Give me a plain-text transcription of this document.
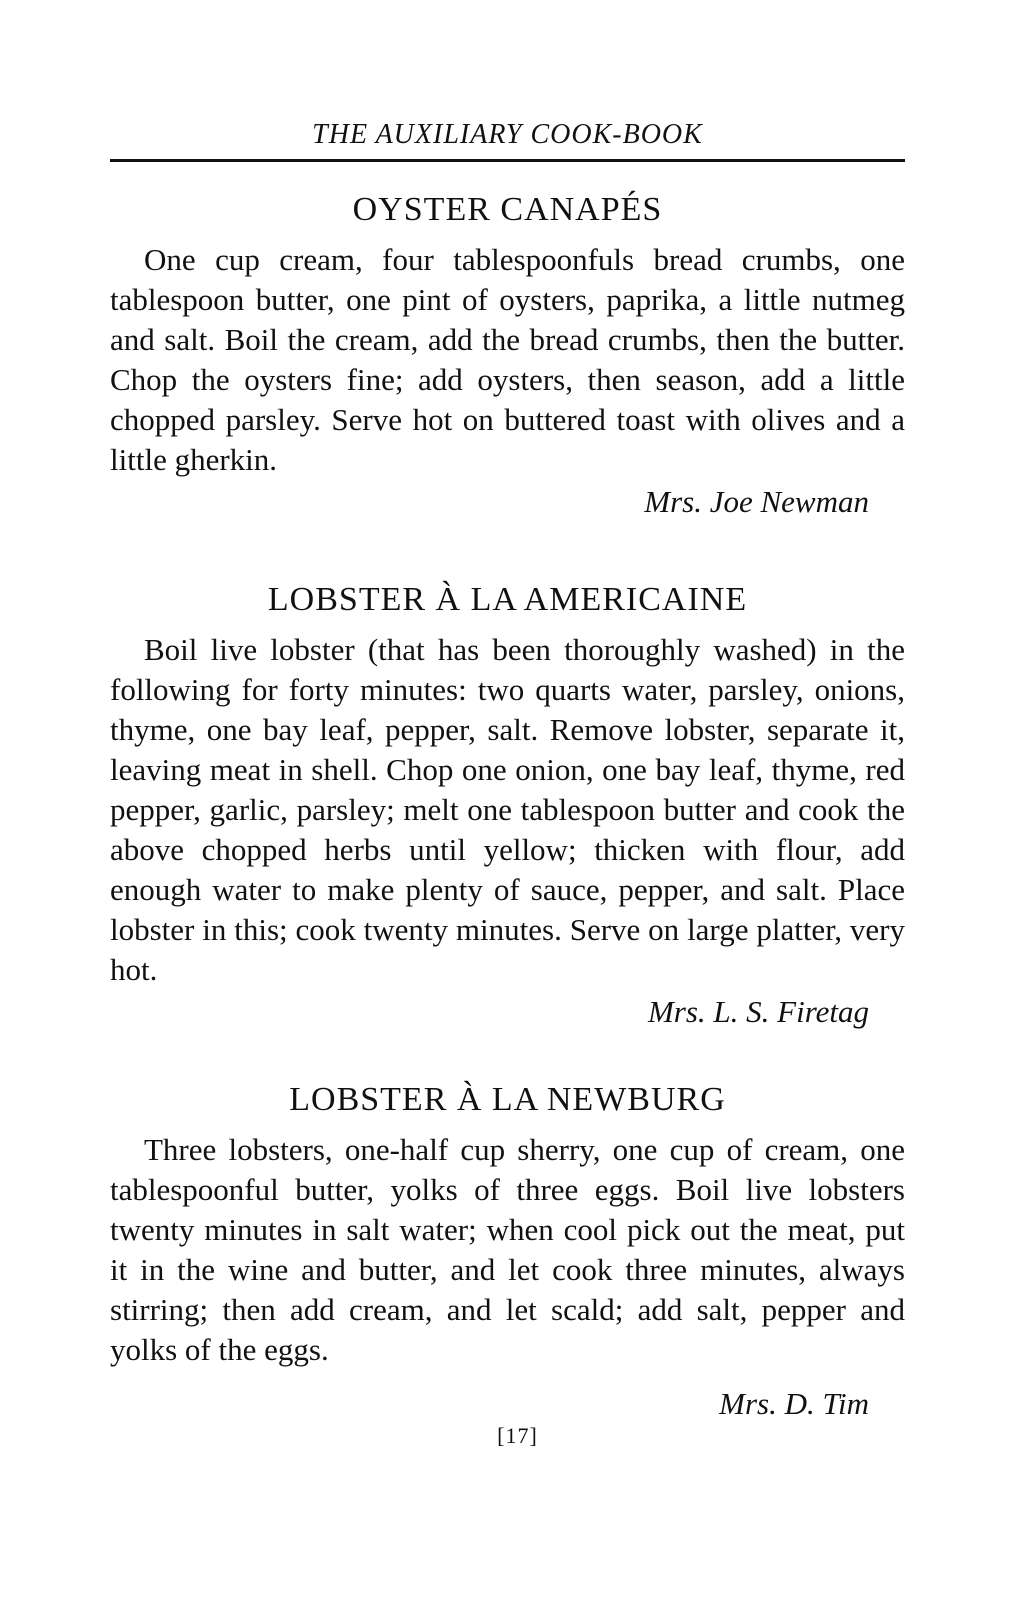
THE AUXILIARY COOK-BOOK
OYSTER CANAPÉS

One cup cream, four tablespoonfuls bread crumbs, one tablespoon butter, one pint of oysters, paprika, a little nutmeg and salt. Boil the cream, add the bread crumbs, then the butter. Chop the oysters fine; add oysters, then season, add a little chopped parsley. Serve hot on buttered toast with olives and a little gherkin.

Mrs. Joe Newman
LOBSTER À LA AMERICAINE

Boil live lobster (that has been thoroughly washed) in the following for forty minutes: two quarts water, parsley, onions, thyme, one bay leaf, pepper, salt. Remove lobster, separate it, leaving meat in shell. Chop one onion, one bay leaf, thyme, red pepper, garlic, parsley; melt one tablespoon butter and cook the above chopped herbs until yellow; thicken with flour, add enough water to make plenty of sauce, pepper, and salt. Place lobster in this; cook twenty minutes. Serve on large platter, very hot.

Mrs. L. S. Firetag
LOBSTER À LA NEWBURG

Three lobsters, one-half cup sherry, one cup of cream, one tablespoonful butter, yolks of three eggs. Boil live lobsters twenty minutes in salt water; when cool pick out the meat, put it in the wine and butter, and let cook three minutes, always stirring; then add cream, and let scald; add salt, pepper and yolks of the eggs.

Mrs. D. Tim
[17]
